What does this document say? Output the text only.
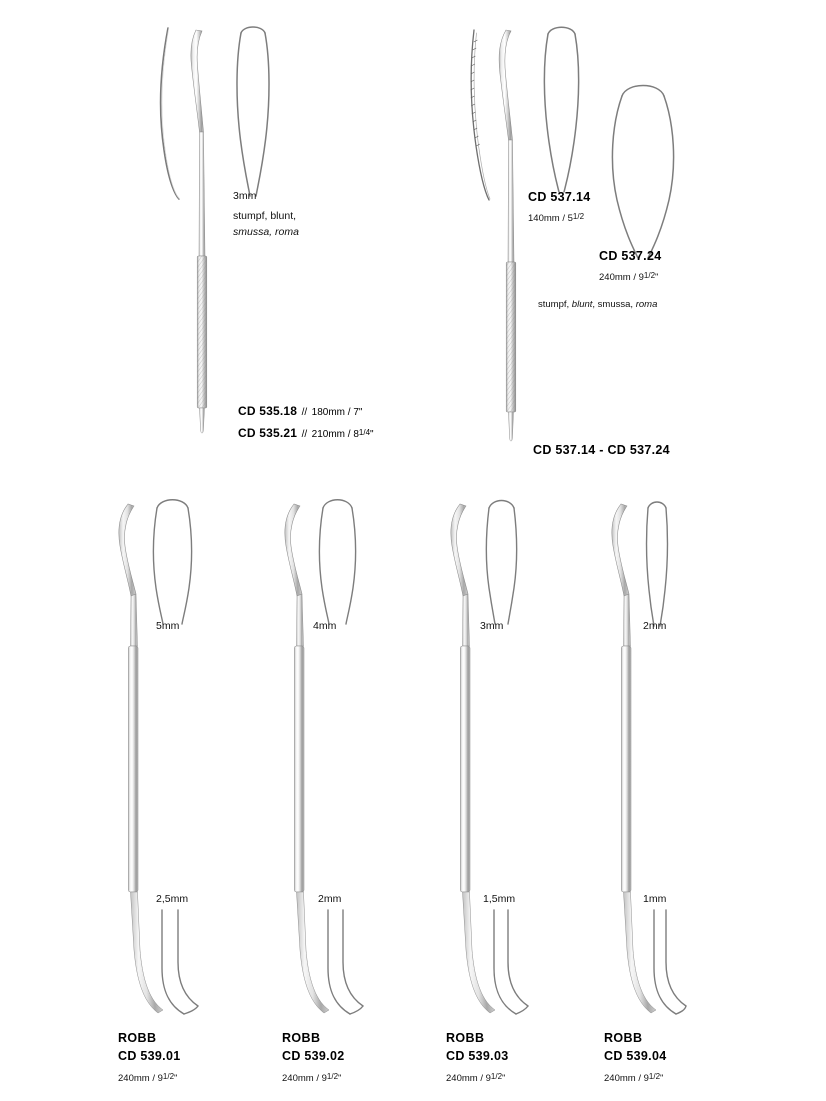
3mm
stumpf, blunt,
smussa, roma
CD 535.18 // 180mm / 7"
CD 535.21 // 210mm / 81/4"
CD 537.14
140mm / 51/2
CD 537.24
240mm / 91/2"
stumpf, blunt, smussa, roma
CD 537.14 - CD 537.24
5mm	4mm	3mm	2mm
2,5mm	2mm	1,5mm	1mm
ROBB
CD 539.01
240mm / 91/2"
ROBB
CD 539.02
240mm / 91/2"
ROBB
CD 539.03
240mm / 91/2"
ROBB
CD 539.04
240mm / 91/2"
